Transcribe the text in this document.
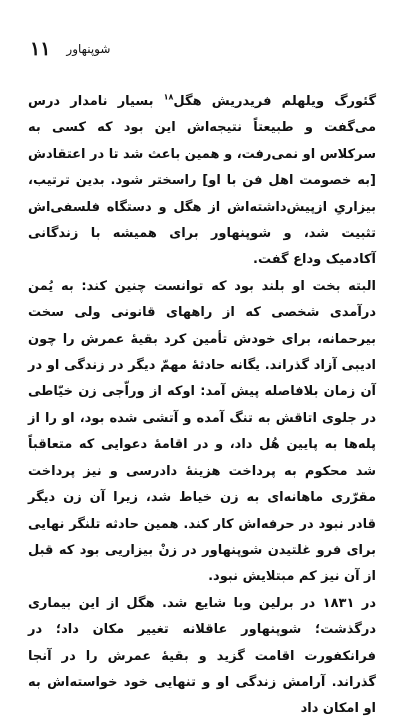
۱۱ شوپنهاور

گئورگ ویلهلم فریدریش هگل$^{۱۸}$ بسیار نامدار درس می‌گفت و طبیعتاً نتیجه‌اش این بود که کسی به سرکلاس او نمی‌رفت، و همین باعث شد تا در اعتقادش [به خصومت اهل فن با او] راسختر شود. بدین ترتیب، بیزاریِ ازپیش‌داشته‌اش از هگل و دستگاه فلسفی‌اش تثبیت شد، و شوپنهاور برای همیشه با زندگانی آکادمیک وداع گفت.

البته بخت او بلند بود که توانست چنین کند: به یُمن درآمدی شخصی که از راههای قانونی ولی سخت بیرحمانه، برای خودش تأمین کرد بقیهٔ عمرش را چون ادیبی آزاد گذراند. یگانه حادثهٔ مهمّ دیگر در زندگی او در آن زمان بلافاصله پیش آمد: اوکه از وراّجی زن خیّاطی در جلوی اتاقش به تنگ آمده و آتشی شده بود، او را از پله‌ها به پایین هُل داد، و در اقامهٔ دعوایی که متعاقباً شد محکوم به پرداخت هزینهٔ دادرسی و نیز پرداخت مقرّری ماهانه‌ای به زن خیاط شد، زیرا آن زن دیگر قادر نبود در حرفه‌اش کار کند. همین حادثه تلنگر نهایی برای فرو غلتیدن شوپنهاور در زنْ بیزاریی بود که قبل از آن نیز کم مبتلایش نبود.

در ۱۸۳۱ در برلین وبا شایع شد. هگل از این بیماری درگذشت؛ شوپنهاور عاقلانه تغییر مکان داد؛ در فرانکفورت اقامت گزید و بقیهٔ عمرش را در آنجا گذراند. آرامش زندگی او و تنهایی خود خواسته‌اش به او امکان داد
